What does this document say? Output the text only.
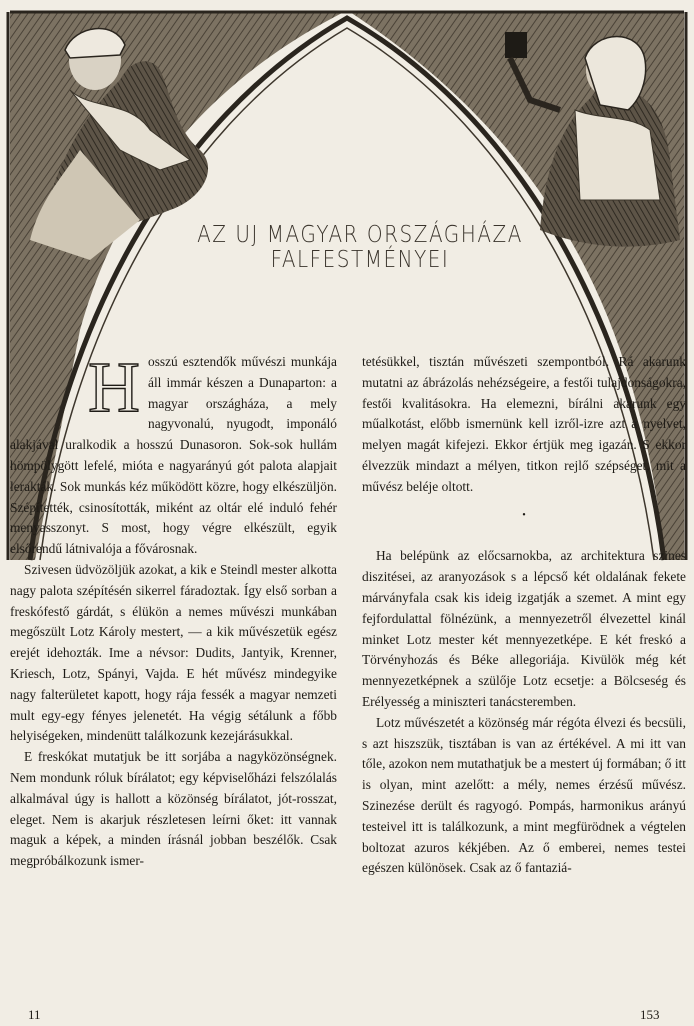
AZ UJ MAGYAR ORSZÁGHÁZA
FALFESTMÉNYEI
H osszú esztendők művészi munkája áll immár készen a Dunaparton: a magyar országháza, a mely nagyvonalú, nyugodt, imponáló alakjával uralkodik a hosszú Dunasoron. Sok-sok hullám hömpölygött lefelé, mióta e nagyarányú gót palota alapjait lerakták. Sok munkás kéz működött közre, hogy elkészüljön. Szépítették, csinosították, miként az oltár elé induló fehér menyasszonyt. S most, hogy végre elkészült, egyik elsőrendű látnivalója a fővárosnak.

Szivesen üdvözöljük azokat, a kik e Steindl mester alkotta nagy palota szépítésén sikerrel fáradoztak. Így első sorban a freskófestő gárdát, s élükön a nemes művészi munkában megőszült Lotz Károly mestert, — a kik művészetük egész erejét idehozták. Ime a névsor: Dudits, Jantyik, Krenner, Kriesch, Lotz, Spányi, Vajda. E hét művész mindegyike nagy falterületet kapott, hogy rája fessék a magyar nemzeti mult egy-egy fényes jelenetét. Ha végig sétálunk a főbb helyiségeken, mindenütt találkozunk kezejárásukkal.

E freskókat mutatjuk be itt sorjába a nagyközönségnek. Nem mondunk róluk bírálatot; egy képviselőházi felszólalás alkalmával úgy is hallott a közönség bírálatot, jót-rosszat, eleget. Nem is akarjuk részletesen leírni őket: itt vannak maguk a képek, a minden írásnál jobban beszélők. Csak megpróbálkozunk ismer-

tetésükkel, tisztán művészeti szempontból. Rá akarunk mutatni az ábrázolás nehézségeire, a festői tulajdonságokra, festői kvalitásokra. Ha elemezni, bírálni akarunk egy műalkotást, előbb ismernünk kell izről-izre azt a nyelvet, melyen magát kifejezi. Ekkor értjük meg igazán. S ekkor élvezzük mindazt a mélyen, titkon rejlő szépséget, mit a művész beléje oltott.

•

Ha belépünk az előcsarnokba, az architektura szines diszitései, az aranyozások s a lépcső két oldalának fekete márványfala csak kis ideig izgatják a szemet. A mint egy fejfordulattal fölnézünk, a mennyezetről élvezettel kinál minket Lotz mester két mennyezetképe. E két freskó a Törvényhozás és Béke allegoriája. Kivülök még két mennyezetképnek a szülője Lotz ecsetje: a Bölcseség és Erélyesség a miniszteri tanácsteremben.

Lotz művészetét a közönség már régóta élvezi és becsüli, s azt hiszszük, tisztában is van az értékével. A mi itt van tőle, azokon nem mutathatjuk be a mestert új formában; ő itt is olyan, mint azelőtt: a mély, nemes érzésű művész. Szinezése derült és ragyogó. Pompás, harmonikus arányú testeivel itt is találkozunk, a mint megfürödnek a végtelen boltozat azuros kékjében. Az ő emberei, nemes testei egészen különösek. Csak az ő fantaziá-

11	153
